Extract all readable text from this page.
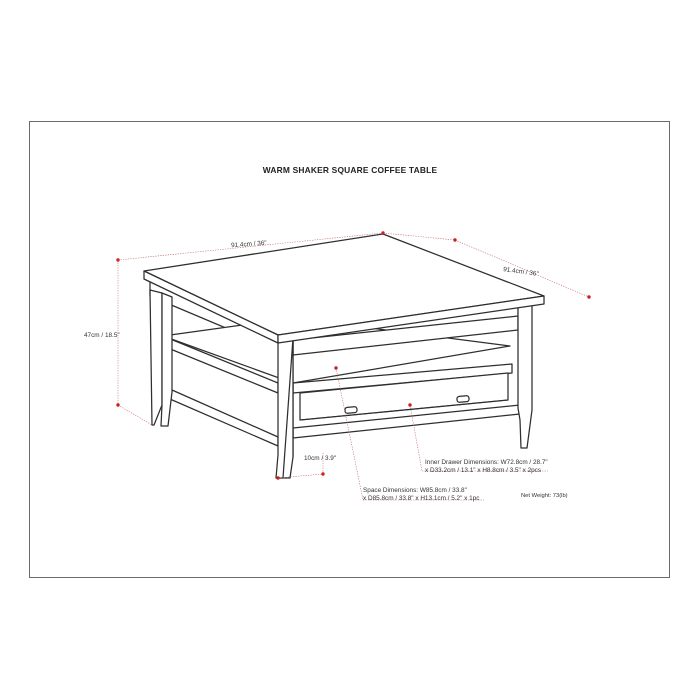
WARM SHAKER SQUARE COFFEE TABLE
91.4cm / 36"
91.4cm / 36"
47cm / 18.5"
10cm / 3.9"
Inner Drawer Dimensions: W72.8cm / 28.7"
x D33.2cm / 13.1" x H8.8cm / 3.5" x 2pcs
Space Dimensions: W85.8cm / 33.8"
x D85.8cm / 33.8" x H13.1cm / 5.2" x 1pc	Net Weight: 73(lb)
